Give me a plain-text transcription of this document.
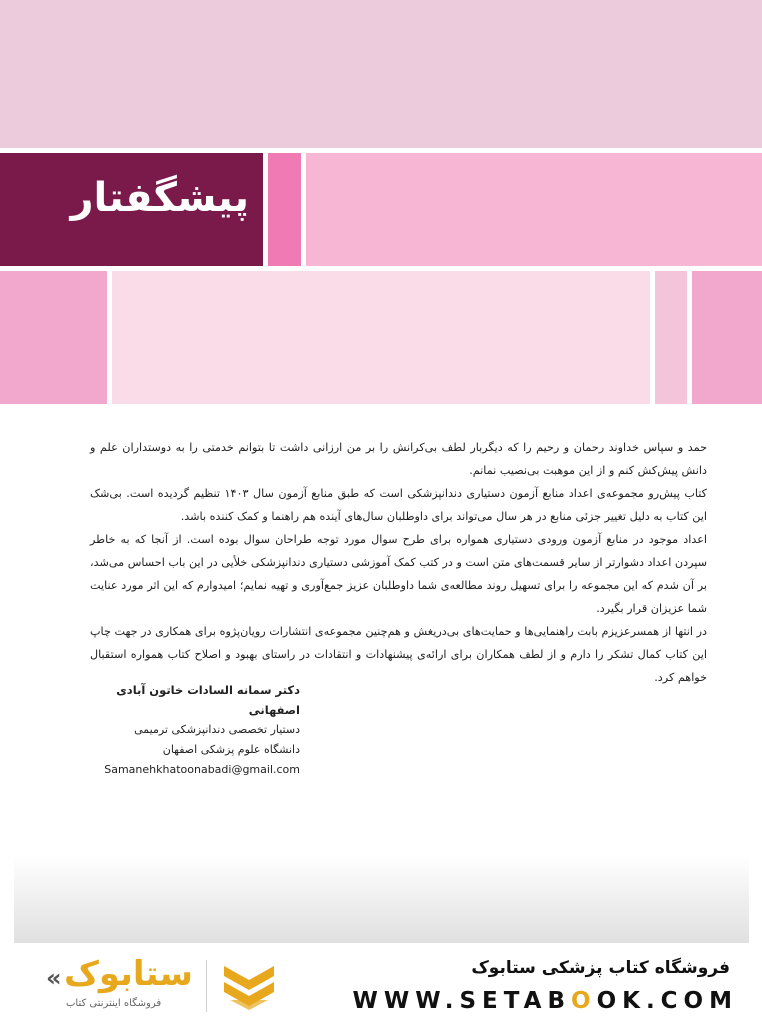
پیشگفتار

حمد و سپاس خداوند رحمان و رحیم را که دیگربار لطف بی‌کرانش را بر من ارزانی داشت تا بتوانم خدمتی را به دوستداران علم و دانش پیش‌کش کنم و از این موهبت بی‌نصیب نمانم.

کتاب پیش‌رو مجموعه‌ی اعداد منابع آزمون دستیاری دندانپزشکی است که طبق منابع آزمون سال ۱۴۰۳ تنظیم گردیده است. بی‌شک این کتاب به دلیل تغییر جزئی منابع در هر سال می‌تواند برای داوطلبان سال‌های آینده هم راهنما و کمک کننده باشد.

اعداد موجود در منابع آزمون ورودی دستیاری همواره برای طرح سوال مورد توجه طراحان سوال بوده است. از آنجا که به خاطر سپردن اعداد دشوارتر از سایر قسمت‌های متن است و در کتب کمک آموزشی دستیاری دندانپزشکی خلأیی در این باب احساس می‌شد، بر آن شدم که این مجموعه را برای تسهیل روند مطالعه‌ی شما داوطلبان عزیز جمع‌آوری و تهیه نمایم؛ امیدوارم که این اثر مورد عنایت شما عزیزان قرار بگیرد.

در انتها از همسرعزیزم بابت راهنمایی‌ها و حمایت‌های بی‌دریغش و هم‌چنین مجموعه‌ی انتشارات رویان‌پژوه برای همکاری در جهت چاپ این کتاب کمال تشکر را دارم و از لطف همکاران برای ارائه‌ی پیشنهادات و انتقادات در راستای بهبود و اصلاح کتاب همواره استقبال خواهم کرد.

دکتر سمانه السادات خاتون آبادی اصفهانی
دستیار تخصصی دندانپزشکی ترمیمی
دانشگاه علوم پزشکی اصفهان
Samanehkhatoonabadi@gmail.com
« ستابوک
فروشگاه اینترنتی کتاب
فروشگاه کتاب پزشکی ستابوک
WWW.SETABOOK.COM
